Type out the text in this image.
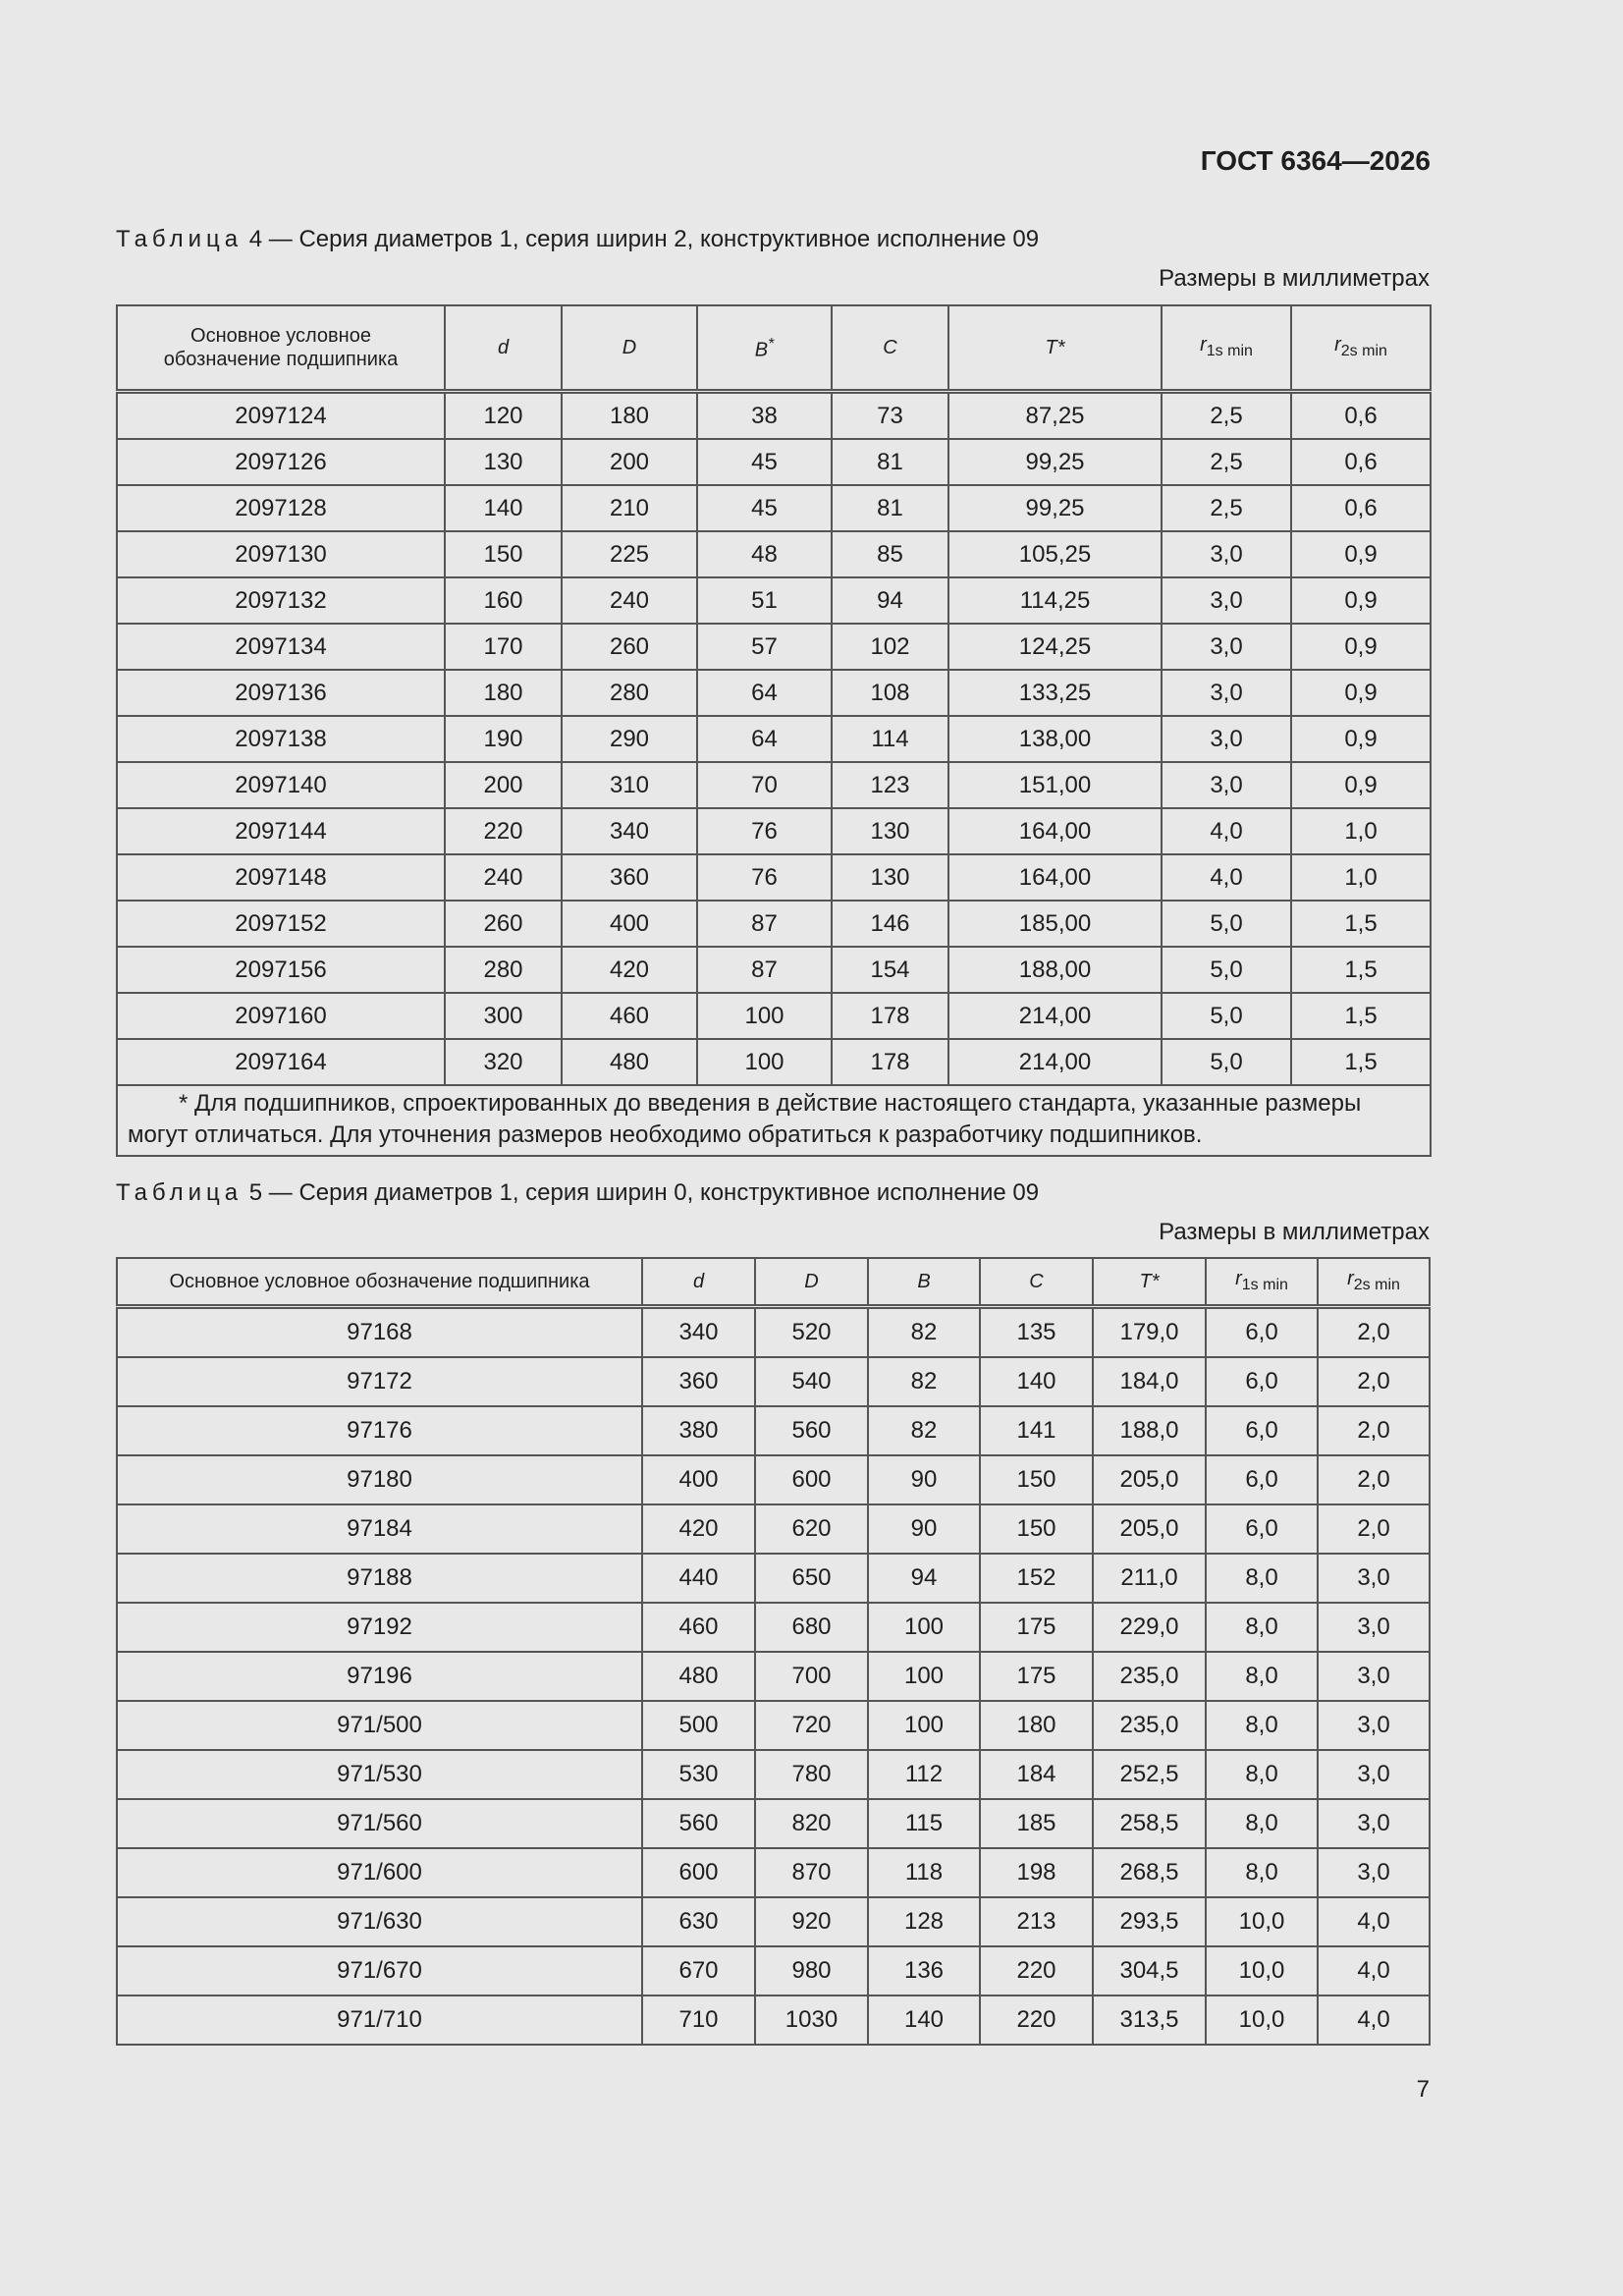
ГОСТ 6364—2026
Таблица 4 — Серия диаметров 1, серия ширин 2, конструктивное исполнение 09
Размеры в миллиметрах
Основное условное обозначение подшипника	d	D	B*	C	T*	$r_{1s min}$	$r_{2s min}$
2097124	120	180	38	73	87,25	2,5	0,6
2097126	130	200	45	81	99,25	2,5	0,6
2097128	140	210	45	81	99,25	2,5	0,6
2097130	150	225	48	85	105,25	3,0	0,9
2097132	160	240	51	94	114,25	3,0	0,9
2097134	170	260	57	102	124,25	3,0	0,9
2097136	180	280	64	108	133,25	3,0	0,9
2097138	190	290	64	114	138,00	3,0	0,9
2097140	200	310	70	123	151,00	3,0	0,9
2097144	220	340	76	130	164,00	4,0	1,0
2097148	240	360	76	130	164,00	4,0	1,0
2097152	260	400	87	146	185,00	5,0	1,5
2097156	280	420	87	154	188,00	5,0	1,5
2097160	300	460	100	178	214,00	5,0	1,5
2097164	320	480	100	178	214,00	5,0	1,5
* Для подшипников, спроектированных до введения в действие настоящего стандарта, указанные размеры могут отличаться. Для уточнения размеров необходимо обратиться к разработчику подшипников.							
Таблица 5 — Серия диаметров 1, серия ширин 0, конструктивное исполнение 09
Размеры в миллиметрах
Основное условное обозначение подшипника	d	D	B	C	T*	$r_{1s min}$	$r_{2s min}$
97168	340	520	82	135	179,0	6,0	2,0
97172	360	540	82	140	184,0	6,0	2,0
97176	380	560	82	141	188,0	6,0	2,0
97180	400	600	90	150	205,0	6,0	2,0
97184	420	620	90	150	205,0	6,0	2,0
97188	440	650	94	152	211,0	8,0	3,0
97192	460	680	100	175	229,0	8,0	3,0
97196	480	700	100	175	235,0	8,0	3,0
971/500	500	720	100	180	235,0	8,0	3,0
971/530	530	780	112	184	252,5	8,0	3,0
971/560	560	820	115	185	258,5	8,0	3,0
971/600	600	870	118	198	268,5	8,0	3,0
971/630	630	920	128	213	293,5	10,0	4,0
971/670	670	980	136	220	304,5	10,0	4,0
971/710	710	1030	140	220	313,5	10,0	4,0
7
